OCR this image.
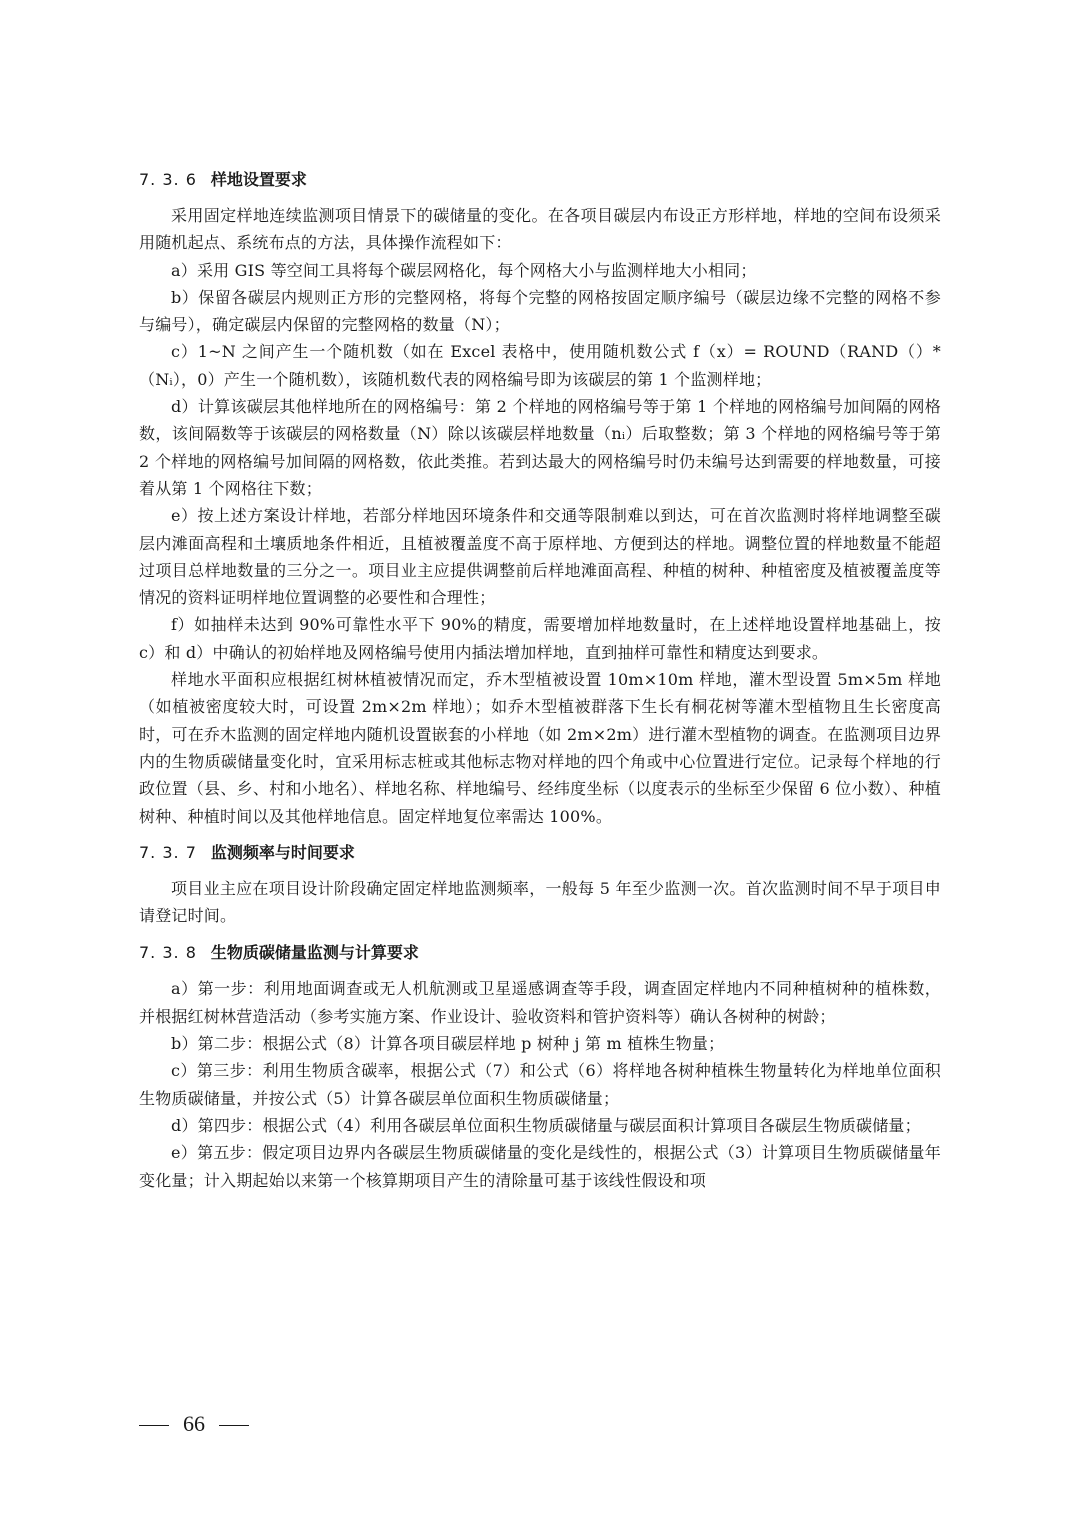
7. 3. 6 样地设置要求

采用固定样地连续监测项目情景下的碳储量的变化。在各项目碳层内布设正方形样地，样地的空间布设须采用随机起点、系统布点的方法，具体操作流程如下：

a）采用 GIS 等空间工具将每个碳层网格化，每个网格大小与监测样地大小相同；

b）保留各碳层内规则正方形的完整网格，将每个完整的网格按固定顺序编号（碳层边缘不完整的网格不参与编号），确定碳层内保留的完整网格的数量（N）；

c）1~N 之间产生一个随机数（如在 Excel 表格中，使用随机数公式 f（x）= ROUND（RAND（）*（Nᵢ），0）产生一个随机数），该随机数代表的网格编号即为该碳层的第 1 个监测样地；

d）计算该碳层其他样地所在的网格编号：第 2 个样地的网格编号等于第 1 个样地的网格编号加间隔的网格数，该间隔数等于该碳层的网格数量（N）除以该碳层样地数量（nᵢ）后取整数；第 3 个样地的网格编号等于第 2 个样地的网格编号加间隔的网格数，依此类推。若到达最大的网格编号时仍未编号达到需要的样地数量，可接着从第 1 个网格往下数；

e）按上述方案设计样地，若部分样地因环境条件和交通等限制难以到达，可在首次监测时将样地调整至碳层内滩面高程和土壤质地条件相近，且植被覆盖度不高于原样地、方便到达的样地。调整位置的样地数量不能超过项目总样地数量的三分之一。项目业主应提供调整前后样地滩面高程、种植的树种、种植密度及植被覆盖度等情况的资料证明样地位置调整的必要性和合理性；

f）如抽样未达到 90%可靠性水平下 90%的精度，需要增加样地数量时，在上述样地设置样地基础上，按 c）和 d）中确认的初始样地及网格编号使用内插法增加样地，直到抽样可靠性和精度达到要求。

样地水平面积应根据红树林植被情况而定，乔木型植被设置 10m×10m 样地，灌木型设置 5m×5m 样地（如植被密度较大时，可设置 2m×2m 样地）；如乔木型植被群落下生长有桐花树等灌木型植物且生长密度高时，可在乔木监测的固定样地内随机设置嵌套的小样地（如 2m×2m）进行灌木型植物的调查。在监测项目边界内的生物质碳储量变化时，宜采用标志桩或其他标志物对样地的四个角或中心位置进行定位。记录每个样地的行政位置（县、乡、村和小地名）、样地名称、样地编号、经纬度坐标（以度表示的坐标至少保留 6 位小数）、种植树种、种植时间以及其他样地信息。固定样地复位率需达 100%。

7. 3. 7 监测频率与时间要求

项目业主应在项目设计阶段确定固定样地监测频率，一般每 5 年至少监测一次。首次监测时间不早于项目申请登记时间。

7. 3. 8 生物质碳储量监测与计算要求

a）第一步：利用地面调查或无人机航测或卫星遥感调查等手段，调查固定样地内不同种植树种的植株数，并根据红树林营造活动（参考实施方案、作业设计、验收资料和管护资料等）确认各树种的树龄；

b）第二步：根据公式（8）计算各项目碳层样地 p 树种 j 第 m 植株生物量；

c）第三步：利用生物质含碳率，根据公式（7）和公式（6）将样地各树种植株生物量转化为样地单位面积生物质碳储量，并按公式（5）计算各碳层单位面积生物质碳储量；

d）第四步：根据公式（4）利用各碳层单位面积生物质碳储量与碳层面积计算项目各碳层生物质碳储量；

e）第五步：假定项目边界内各碳层生物质碳储量的变化是线性的，根据公式（3）计算项目生物质碳储量年变化量；计入期起始以来第一个核算期项目产生的清除量可基于该线性假设和项

66
